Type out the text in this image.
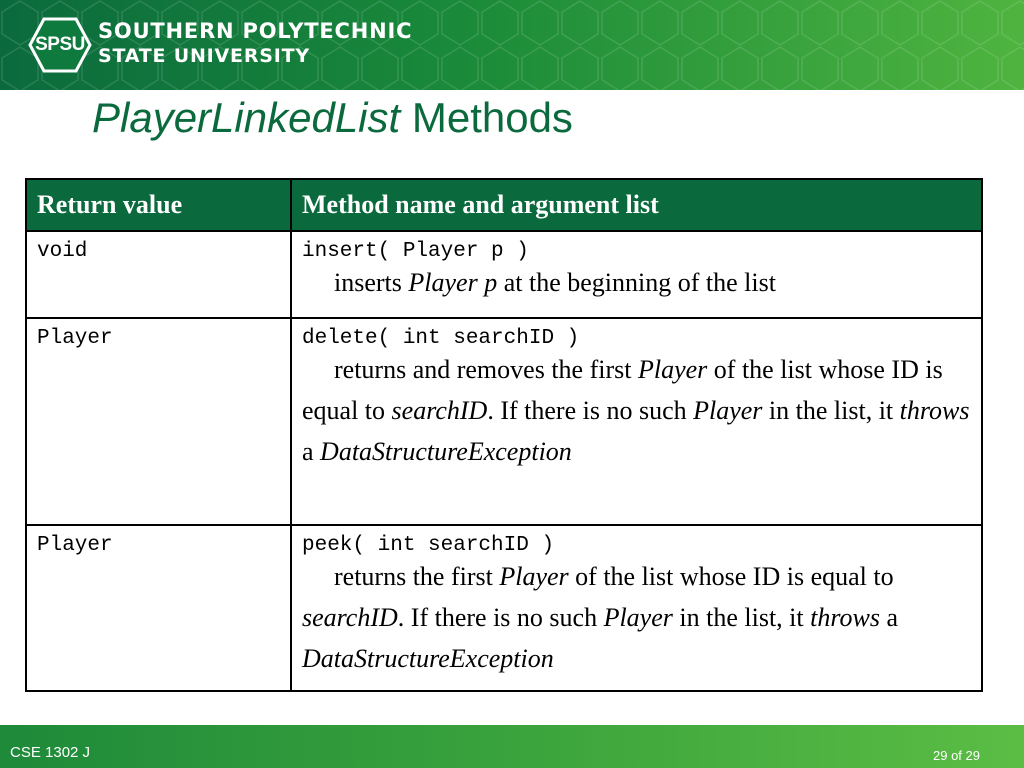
SPSU
SOUTHERN POLYTECHNIC
STATE UNIVERSITY
PlayerLinkedList Methods
Return value	Method name and argument list
void	insert( Player p )
inserts Player p at the beginning of the list

Player	delete( int searchID )
returns and removes the first Player of the list whose ID is equal to searchID. If there is no such Player in the list, it throws a DataStructureException

Player	peek( int searchID )
returns the first Player of the list whose ID is equal to searchID. If there is no such Player in the list, it throws a DataStructureException
CSE 1302 J	29 of 29
